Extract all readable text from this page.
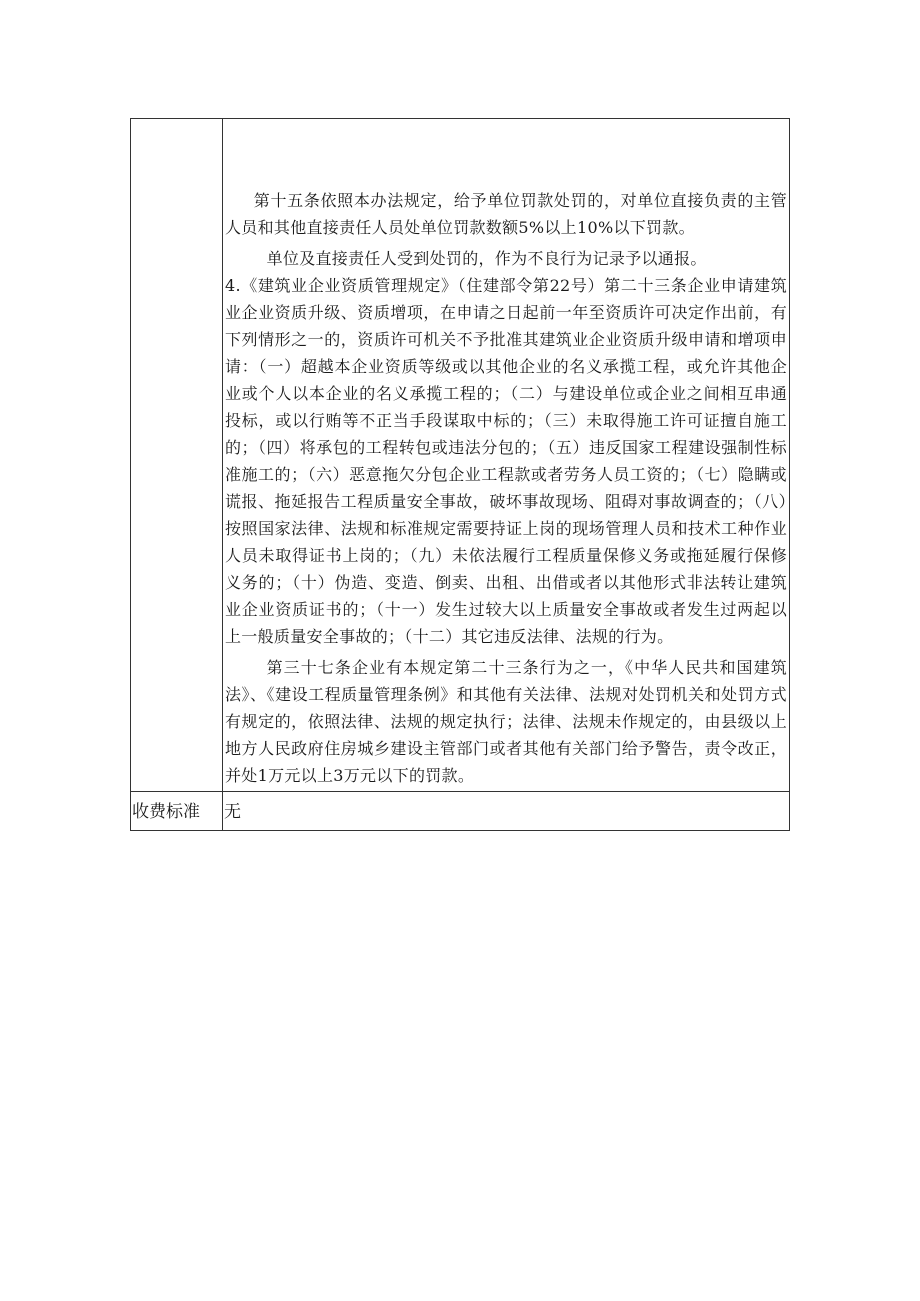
	第十五条依照本办法规定，给予单位罚款处罚的，对单位直接负责的主管人员和其他直接责任人员处单位罚款数额5%以上10%以下罚款。

单位及直接责任人受到处罚的，作为不良行为记录予以通报。

4.《建筑业企业资质管理规定》（住建部令第22号）第二十三条企业申请建筑业企业资质升级、资质增项，在申请之日起前一年至资质许可决定作出前，有下列情形之一的，资质许可机关不予批准其建筑业企业资质升级申请和增项申请：（一）超越本企业资质等级或以其他企业的名义承揽工程，或允许其他企业或个人以本企业的名义承揽工程的；（二）与建设单位或企业之间相互串通投标，或以行贿等不正当手段谋取中标的；（三）未取得施工许可证擅自施工的；（四）将承包的工程转包或违法分包的；（五）违反国家工程建设强制性标准施工的；（六）恶意拖欠分包企业工程款或者劳务人员工资的；（七）隐瞒或谎报、拖延报告工程质量安全事故，破坏事故现场、阻碍对事故调查的；（八）按照国家法律、法规和标准规定需要持证上岗的现场管理人员和技术工种作业人员未取得证书上岗的；（九）未依法履行工程质量保修义务或拖延履行保修义务的；（十）伪造、变造、倒卖、出租、出借或者以其他形式非法转让建筑业企业资质证书的；（十一）发生过较大以上质量安全事故或者发生过两起以上一般质量安全事故的；（十二）其它违反法律、法规的行为。

第三十七条企业有本规定第二十三条行为之一，《中华人民共和国建筑法》、《建设工程质量管理条例》和其他有关法律、法规对处罚机关和处罚方式有规定的，依照法律、法规的规定执行；法律、法规未作规定的，由县级以上地方人民政府住房城乡建设主管部门或者其他有关部门给予警告，责令改正，并处1万元以上3万元以下的罚款。

收费标准	无
